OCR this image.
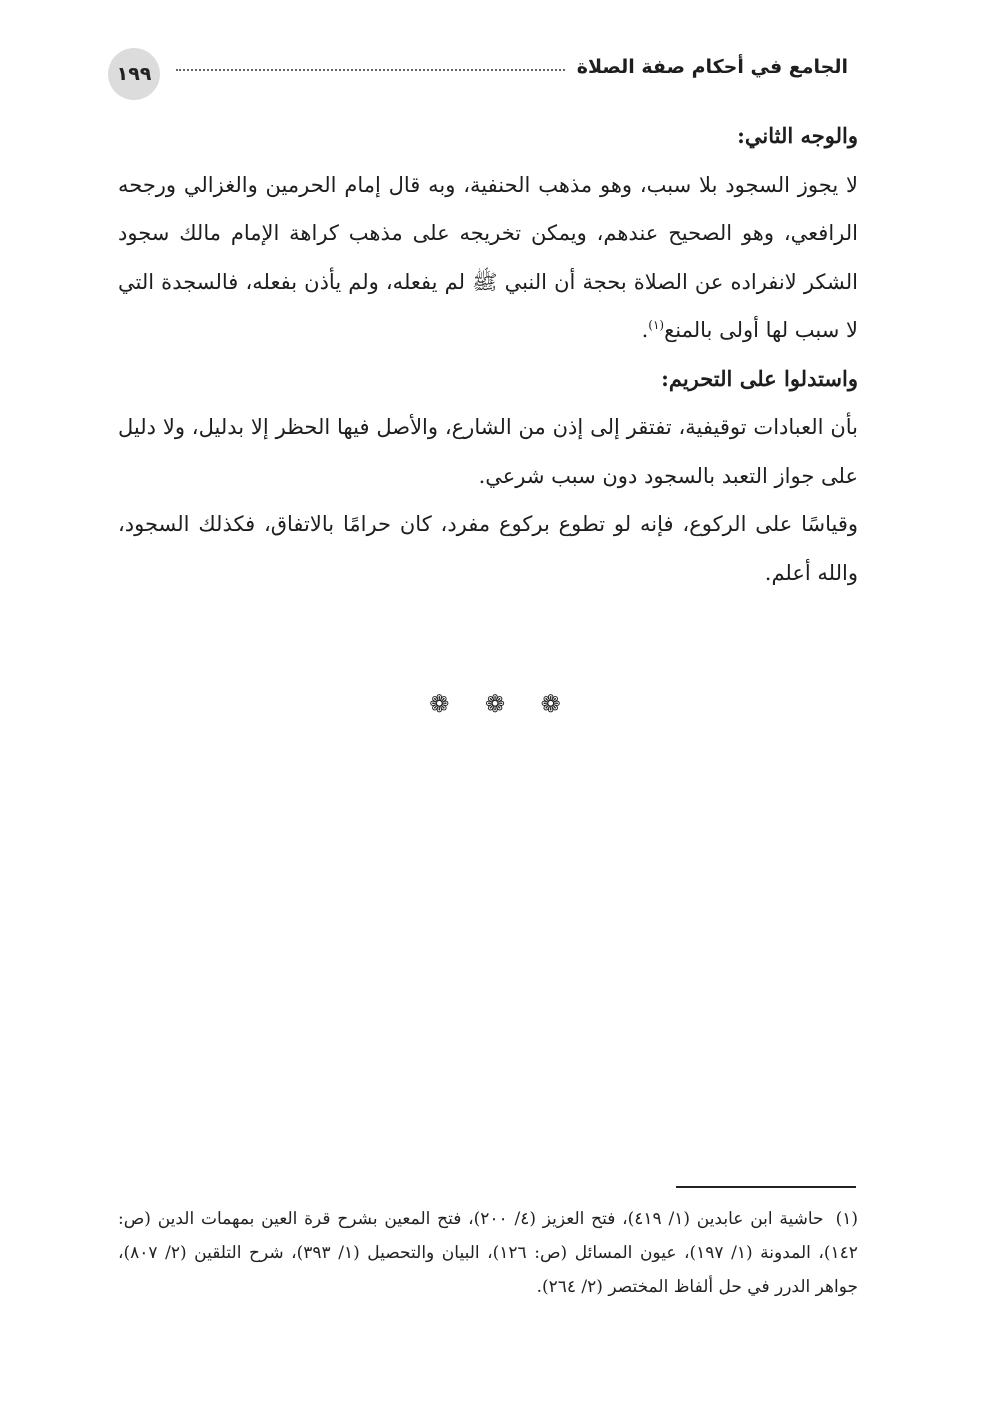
١٩٩	الجامع في أحكام صفة الصلاة

والوجه الثاني:

لا يجوز السجود بلا سبب، وهو مذهب الحنفية، وبه قال إمام الحرمين والغزالي ورجحه الرافعي، وهو الصحيح عندهم، ويمكن تخريجه على مذهب كراهة الإمام مالك سجود الشكر لانفراده عن الصلاة بحجة أن النبي ﷺ لم يفعله، ولم يأذن بفعله، فالسجدة التي لا سبب لها أولى بالمنع$^{(١)}$.

واستدلوا على التحريم:

بأن العبادات توقيفية، تفتقر إلى إذن من الشارع، والأصل فيها الحظر إلا بدليل، ولا دليل على جواز التعبد بالسجود دون سبب شرعي.

وقياسًا على الركوع، فإنه لو تطوع بركوع مفرد، كان حرامًا بالاتفاق، فكذلك السجود، والله أعلم.

❁ ❁ ❁

(١)حاشية ابن عابدين (١/ ٤١٩)، فتح العزيز (٤/ ٢٠٠)، فتح المعين بشرح قرة العين بمهمات الدين (ص: ١٤٢)، المدونة (١/ ١٩٧)، عيون المسائل (ص: ١٢٦)، البيان والتحصيل (١/ ٣٩٣)، شرح التلقين (٢/ ٨٠٧)، جواهر الدرر في حل ألفاظ المختصر (٢/ ٢٦٤).
